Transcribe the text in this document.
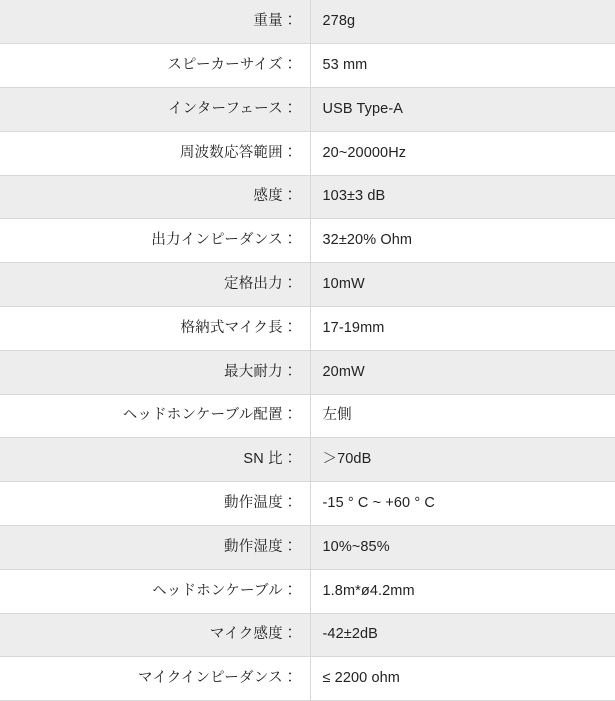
重量：	278g
スピーカーサイズ：	53 mm
インターフェース：	USB Type-A
周波数応答範囲：	20~20000Hz
感度：	103±3 dB
出力インピーダンス：	32±20% Ohm
定格出力：	10mW
格納式マイク長：	17-19mm
最大耐力：	20mW
ヘッドホンケーブル配置：	左側
SN 比：	＞70dB
動作温度：	-15 ° C ~ +60 ° C
動作湿度：	10%~85%
ヘッドホンケーブル：	1.8m*ø4.2mm
マイク感度：	-42±2dB
マイクインピーダンス：	≤ 2200 ohm
